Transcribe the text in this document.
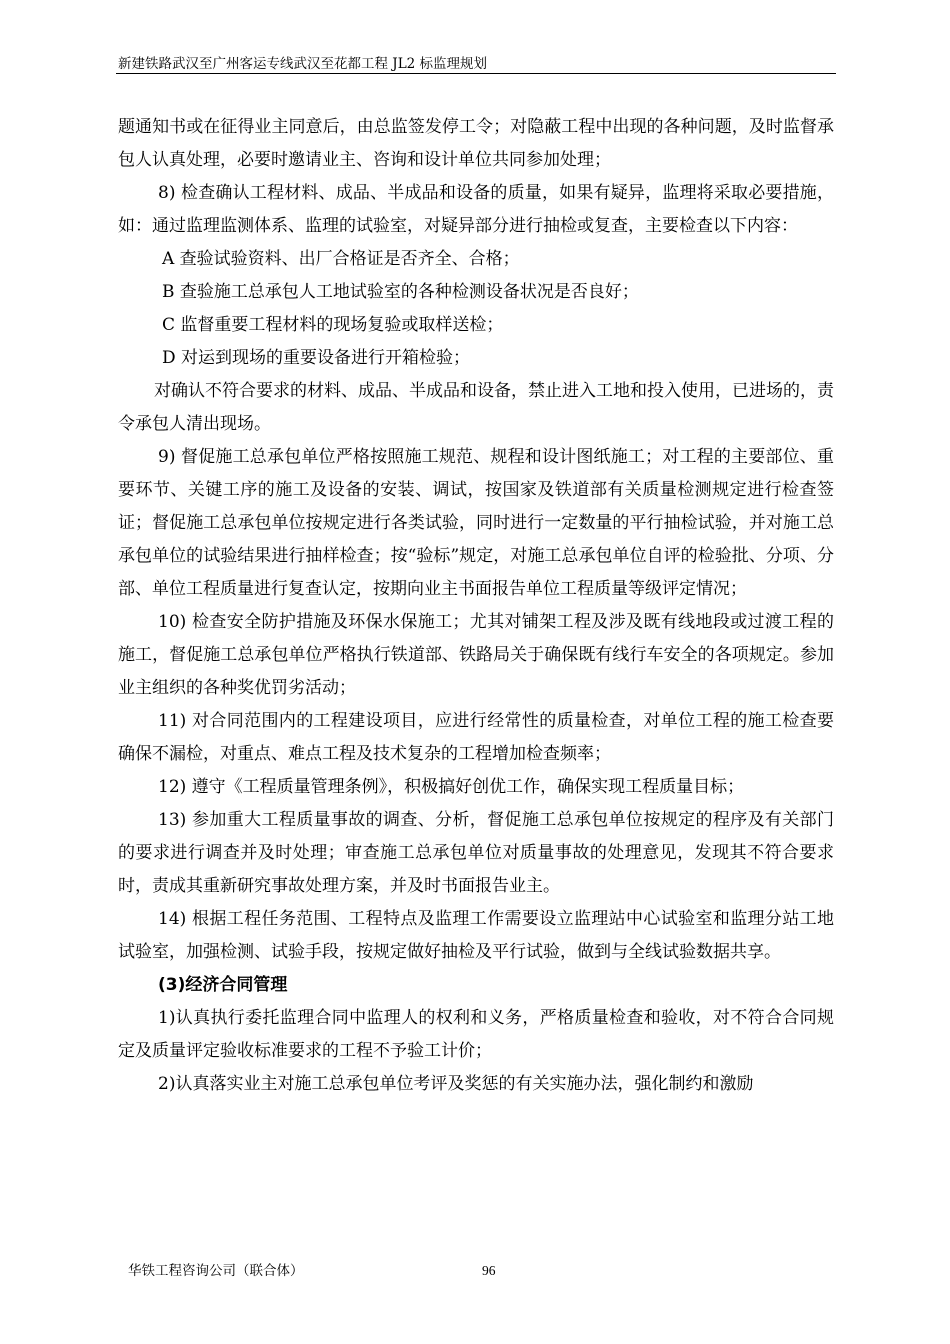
新建铁路武汉至广州客运专线武汉至花都工程 JL2 标监理规划

题通知书或在征得业主同意后，由总监签发停工令；对隐蔽工程中出现的各种问题，及时监督承包人认真处理，必要时邀请业主、咨询和设计单位共同参加处理；

8) 检查确认工程材料、成品、半成品和设备的质量，如果有疑异，监理将采取必要措施，如：通过监理监测体系、监理的试验室，对疑异部分进行抽检或复查，主要检查以下内容：

A 查验试验资料、出厂合格证是否齐全、合格；

B 查验施工总承包人工地试验室的各种检测设备状况是否良好；

C 监督重要工程材料的现场复验或取样送检；

D 对运到现场的重要设备进行开箱检验；

对确认不符合要求的材料、成品、半成品和设备，禁止进入工地和投入使用，已进场的，责令承包人清出现场。

9) 督促施工总承包单位严格按照施工规范、规程和设计图纸施工；对工程的主要部位、重要环节、关键工序的施工及设备的安装、调试，按国家及铁道部有关质量检测规定进行检查签证；督促施工总承包单位按规定进行各类试验，同时进行一定数量的平行抽检试验，并对施工总承包单位的试验结果进行抽样检查；按“验标”规定，对施工总承包单位自评的检验批、分项、分部、单位工程质量进行复查认定，按期向业主书面报告单位工程质量等级评定情况；

10) 检查安全防护措施及环保水保施工；尤其对铺架工程及涉及既有线地段或过渡工程的施工，督促施工总承包单位严格执行铁道部、铁路局关于确保既有线行车安全的各项规定。参加业主组织的各种奖优罚劣活动；

11) 对合同范围内的工程建设项目，应进行经常性的质量检查，对单位工程的施工检查要确保不漏检，对重点、难点工程及技术复杂的工程增加检查频率；

12) 遵守《工程质量管理条例》，积极搞好创优工作，确保实现工程质量目标；

13) 参加重大工程质量事故的调查、分析，督促施工总承包单位按规定的程序及有关部门的要求进行调查并及时处理；审查施工总承包单位对质量事故的处理意见，发现其不符合要求时，责成其重新研究事故处理方案，并及时书面报告业主。

14) 根据工程任务范围、工程特点及监理工作需要设立监理站中心试验室和监理分站工地试验室，加强检测、试验手段，按规定做好抽检及平行试验，做到与全线试验数据共享。

(3)经济合同管理

1)认真执行委托监理合同中监理人的权利和义务，严格质量检查和验收，对不符合合同规定及质量评定验收标准要求的工程不予验工计价；

2)认真落实业主对施工总承包单位考评及奖惩的有关实施办法，强化制约和激励

华铁工程咨询公司（联合体）	96
